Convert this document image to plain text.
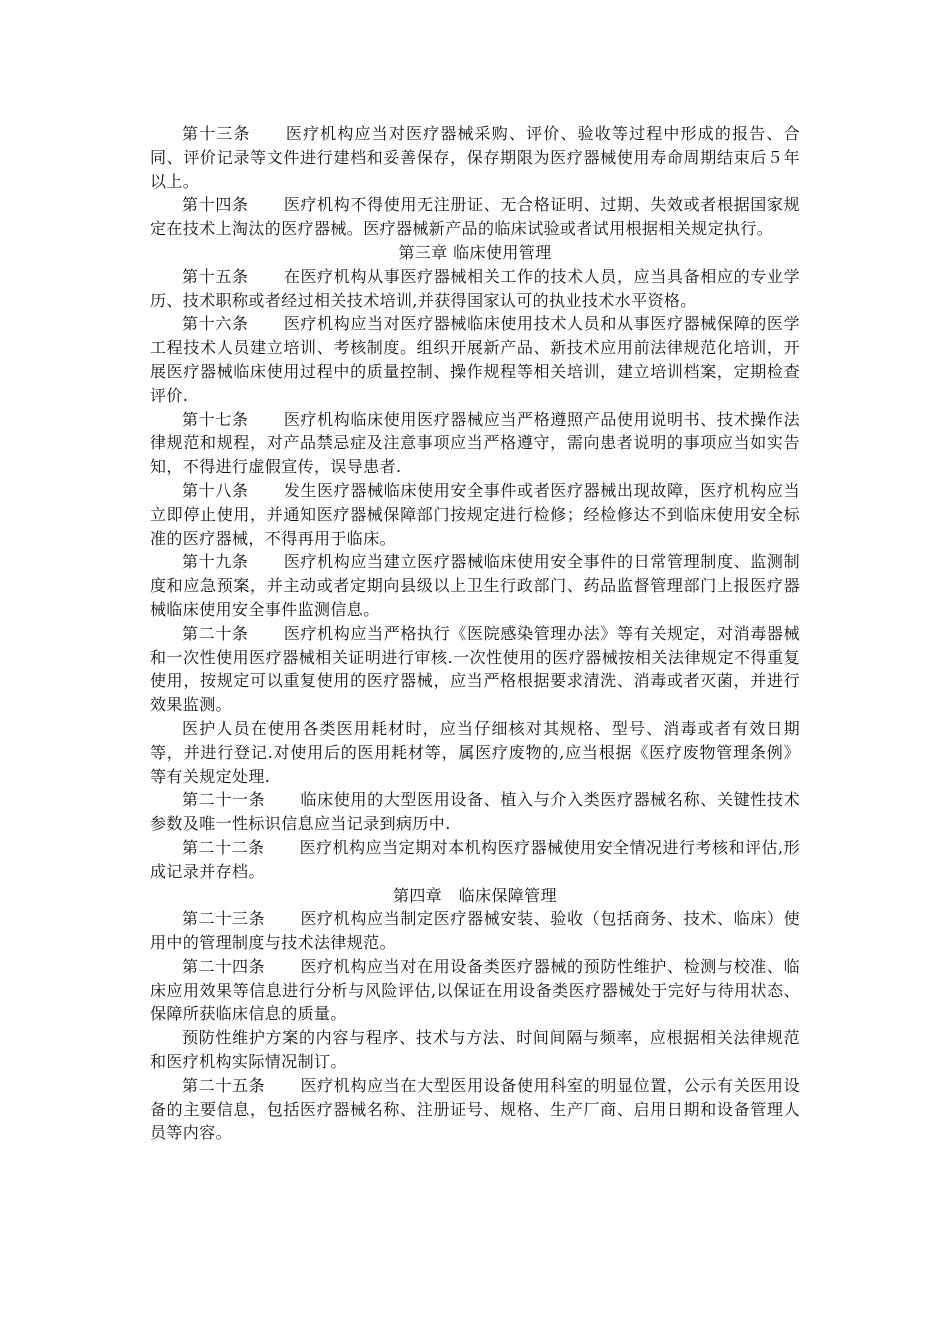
第十三条 医疗机构应当对医疗器械采购、评价、验收等过程中形成的报告、合同、评价记录等文件进行建档和妥善保存，保存期限为医疗器械使用寿命周期结束后５年以上。

第十四条 医疗机构不得使用无注册证、无合格证明、过期、失效或者根据国家规定在技术上淘汰的医疗器械。医疗器械新产品的临床试验或者试用根据相关规定执行。

第三章 临床使用管理

第十五条 在医疗机构从事医疗器械相关工作的技术人员，应当具备相应的专业学历、技术职称或者经过相关技术培训,并获得国家认可的执业技术水平资格。

第十六条 医疗机构应当对医疗器械临床使用技术人员和从事医疗器械保障的医学工程技术人员建立培训、考核制度。组织开展新产品、新技术应用前法律规范化培训，开展医疗器械临床使用过程中的质量控制、操作规程等相关培训，建立培训档案，定期检查评价.

第十七条 医疗机构临床使用医疗器械应当严格遵照产品使用说明书、技术操作法律规范和规程，对产品禁忌症及注意事项应当严格遵守，需向患者说明的事项应当如实告知，不得进行虚假宣传，误导患者.

第十八条 发生医疗器械临床使用安全事件或者医疗器械出现故障，医疗机构应当立即停止使用，并通知医疗器械保障部门按规定进行检修；经检修达不到临床使用安全标准的医疗器械，不得再用于临床。

第十九条 医疗机构应当建立医疗器械临床使用安全事件的日常管理制度、监测制度和应急预案，并主动或者定期向县级以上卫生行政部门、药品监督管理部门上报医疗器械临床使用安全事件监测信息。

第二十条 医疗机构应当严格执行《医院感染管理办法》等有关规定，对消毒器械和一次性使用医疗器械相关证明进行审核.一次性使用的医疗器械按相关法律规定不得重复使用，按规定可以重复使用的医疗器械，应当严格根据要求清洗、消毒或者灭菌，并进行效果监测。

医护人员在使用各类医用耗材时，应当仔细核对其规格、型号、消毒或者有效日期等，并进行登记.对使用后的医用耗材等，属医疗废物的,应当根据《医疗废物管理条例》等有关规定处理.

第二十一条 临床使用的大型医用设备、植入与介入类医疗器械名称、关键性技术参数及唯一性标识信息应当记录到病历中.

第二十二条 医疗机构应当定期对本机构医疗器械使用安全情况进行考核和评估,形成记录并存档。

第四章　临床保障管理

第二十三条 医疗机构应当制定医疗器械安装、验收（包括商务、技术、临床）使用中的管理制度与技术法律规范。

第二十四条 医疗机构应当对在用设备类医疗器械的预防性维护、检测与校准、临床应用效果等信息进行分析与风险评估,以保证在用设备类医疗器械处于完好与待用状态、保障所获临床信息的质量。

预防性维护方案的内容与程序、技术与方法、时间间隔与频率，应根据相关法律规范和医疗机构实际情况制订。

第二十五条 医疗机构应当在大型医用设备使用科室的明显位置，公示有关医用设备的主要信息，包括医疗器械名称、注册证号、规格、生产厂商、启用日期和设备管理人员等内容。
